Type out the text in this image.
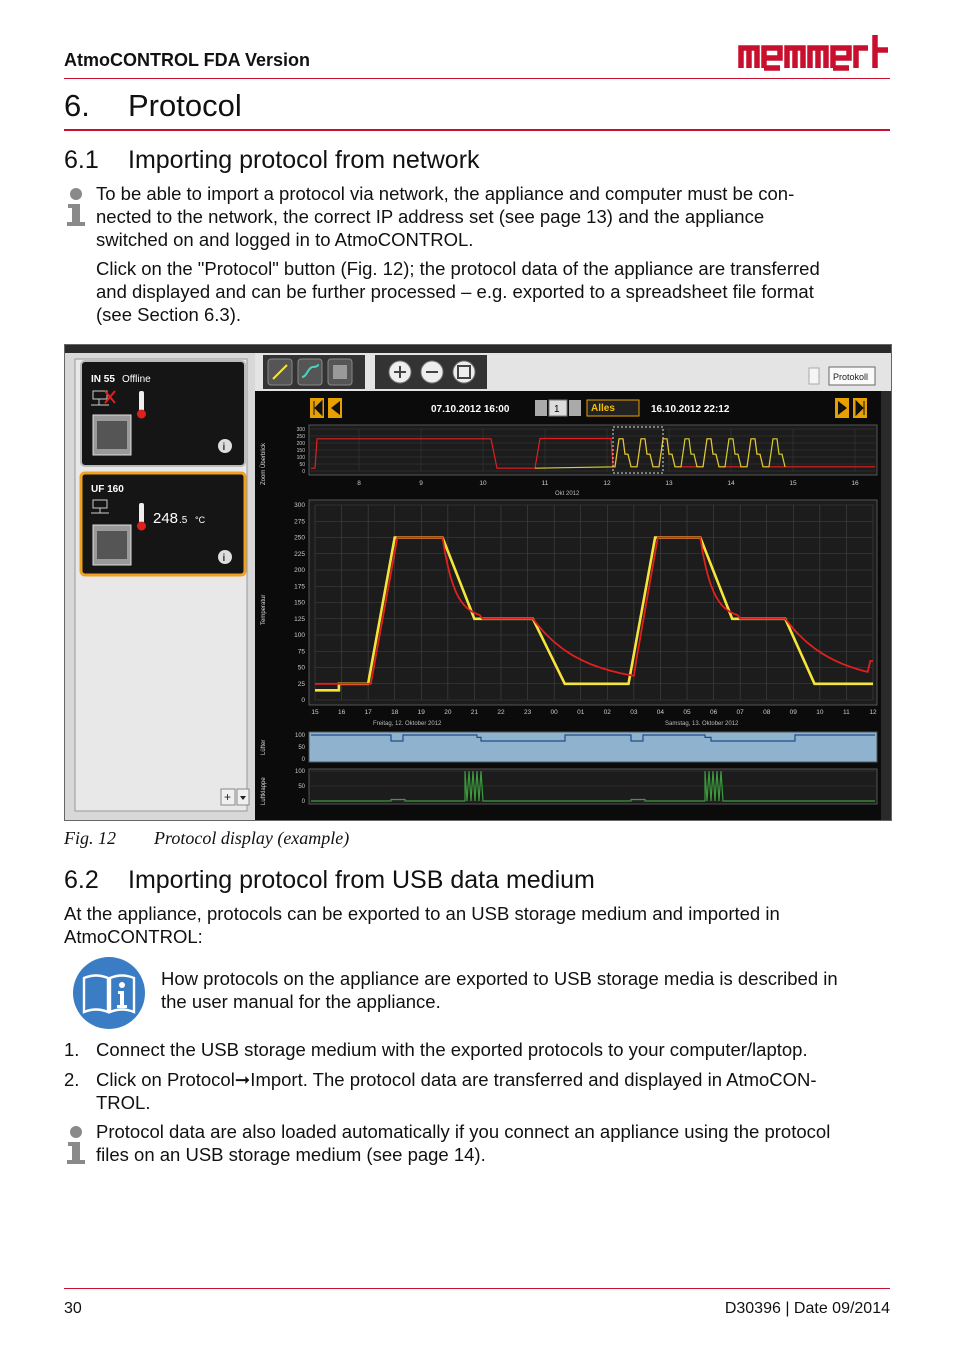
AtmoCONTROL FDA Version
6. Protocol
6.1 Importing protocol from network
To be able to import a protocol via network, the appliance and computer must be con-
nected to the network, the correct IP address set (see page 13) and the appliance
switched on and logged in to AtmoCONTROL.
Click on the "Protocol" button (Fig. 12); the protocol data of the appliance are transferred
and displayed and can be further processed – e.g. exported to a spreadsheet file format
(see Section 6.3).
IN 55 Offline
i
UF 160
248 .5 °C
i
+
Protokoll
07.10.2012 16:00	1	Alles	16.10.2012 22:12
Zoom Überblick
Temperatur
Lüfter
Luftklappe
300
250
200
150
100
50
0
8	9	10	11	12	13	14	15	16
Okt 2012
300
275
250
225
200
175
150
125
100
75
50
25
0
15	16	17	18	19	20	21	22	23	00	01	02	03	04	05	06	07	08	09	10	11	12
Freitag, 12. Oktober 2012	Samstag, 13. Oktober 2012
100
50
0
100
50
0
Fig. 12 Protocol display (example)
6.2 Importing protocol from USB data medium
At the appliance, protocols can be exported to an USB storage medium and imported in
AtmoCONTROL:
How protocols on the appliance are exported to USB storage media is described in
the user manual for the appliance.
1. Connect the USB storage medium with the exported protocols to your computer/laptop.
2. Click on Protocol➞Import. The protocol data are transferred and displayed in AtmoCON-
TROL.
Protocol data are also loaded automatically if you connect an appliance using the protocol
files on an USB storage medium (see page 14).
30	D30396 | Date 09/2014
